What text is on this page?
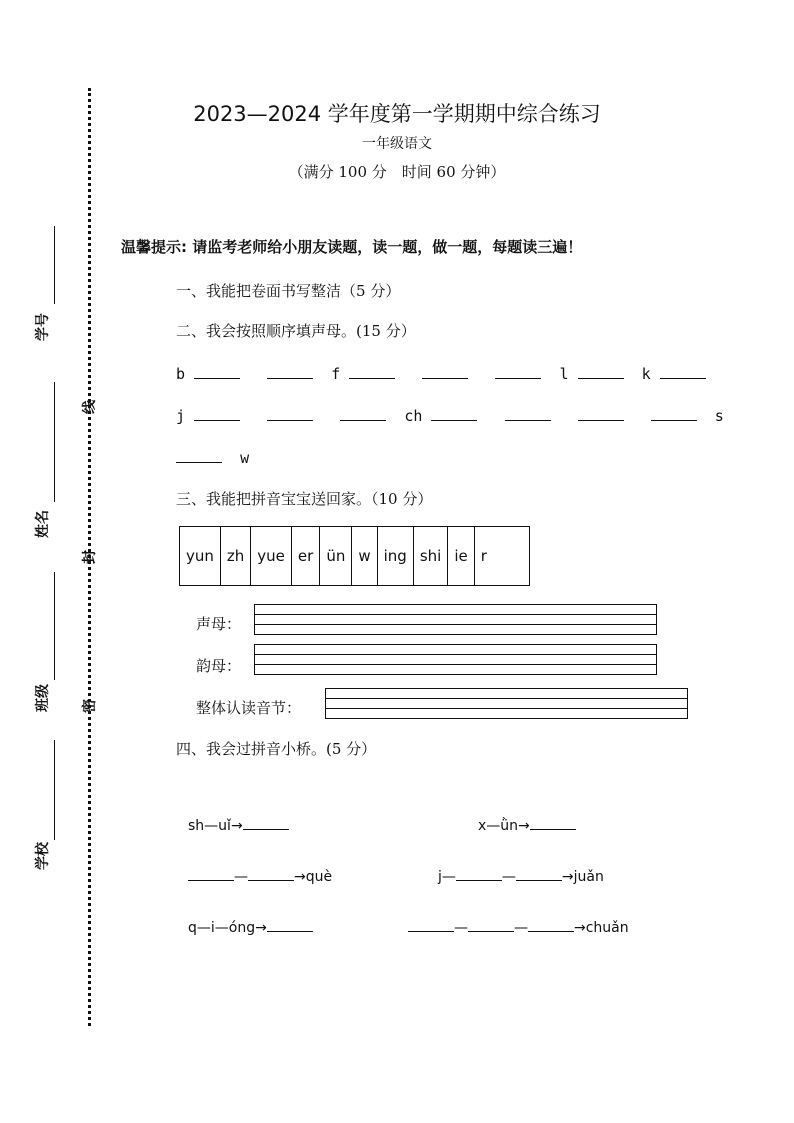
学号
姓名
班级
学校
线
封
密
2023—2024 学年度第一学期期中综合练习
一年级语文
（满分 100 分　时间 60 分钟）
温馨提示: 请监考老师给小朋友读题，读一题，做一题，每题读三遍！
一、我能把卷面书写整洁（5 分）
二、我会按照顺序填声母。(15 分）
b	f	l	k
j	ch	s
w
三、我能把拼音宝宝送回家。（10 分）
yun	zh	yue	er	ün	w	ing	shi	ie	r
声母：
韵母：
整体认读音节：
四、我会过拼音小桥。(5 分）
sh—uǐ→	x—ǜn→
—	→què	j—	—	→juǎn
q—i—óng→	—	—	→chuǎn
